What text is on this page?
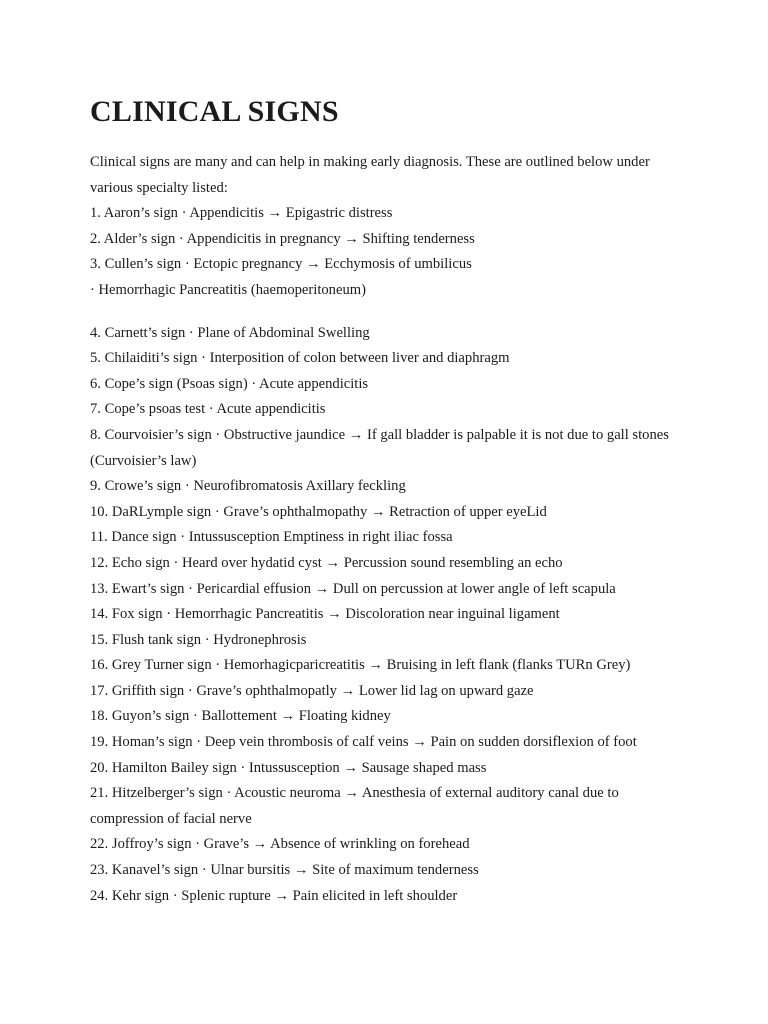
CLINICAL SIGNS

Clinical signs are many and can help in making early diagnosis. These are outlined below under various specialty listed:

1. Aaron’s sign · Appendicitis → Epigastric distress
2. Alder’s sign · Appendicitis in pregnancy → Shifting tenderness
3. Cullen’s sign · Ectopic pregnancy → Ecchymosis of umbilicus

· Hemorrhagic Pancreatitis (haemoperitoneum)

4. Carnett’s sign · Plane of Abdominal Swelling
5. Chilaiditi’s sign · Interposition of colon between liver and diaphragm
6. Cope’s sign (Psoas sign) · Acute appendicitis
7. Cope’s psoas test · Acute appendicitis
8. Courvoisier’s sign · Obstructive jaundice → If gall bladder is palpable it is not due to gall stones (Curvoisier’s law)
9. Crowe’s sign · Neurofibromatosis Axillary feckling
10. DaRLymple sign · Grave’s ophthalmopathy → Retraction of upper eyeLid
11. Dance sign · Intussusception Emptiness in right iliac fossa
12. Echo sign · Heard over hydatid cyst → Percussion sound resembling an echo
13. Ewart’s sign · Pericardial effusion → Dull on percussion at lower angle of left scapula
14. Fox sign · Hemorrhagic Pancreatitis → Discoloration near inguinal ligament
15. Flush tank sign · Hydronephrosis
16. Grey Turner sign · Hemorhagicparicreatitis → Bruising in left flank (flanks TURn Grey)
17. Griffith sign · Grave’s ophthalmopatly → Lower lid lag on upward gaze
18. Guyon’s sign · Ballottement → Floating kidney
19. Homan’s sign · Deep vein thrombosis of calf veins → Pain on sudden dorsiflexion of foot
20. Hamilton Bailey sign · Intussusception → Sausage shaped mass
21. Hitzelberger’s sign · Acoustic neuroma → Anesthesia of external auditory canal due to compression of facial nerve
22. Joffroy’s sign · Grave’s → Absence of wrinkling on forehead
23. Kanavel’s sign · Ulnar bursitis → Site of maximum tenderness
24. Kehr sign · Splenic rupture → Pain elicited in left shoulder
